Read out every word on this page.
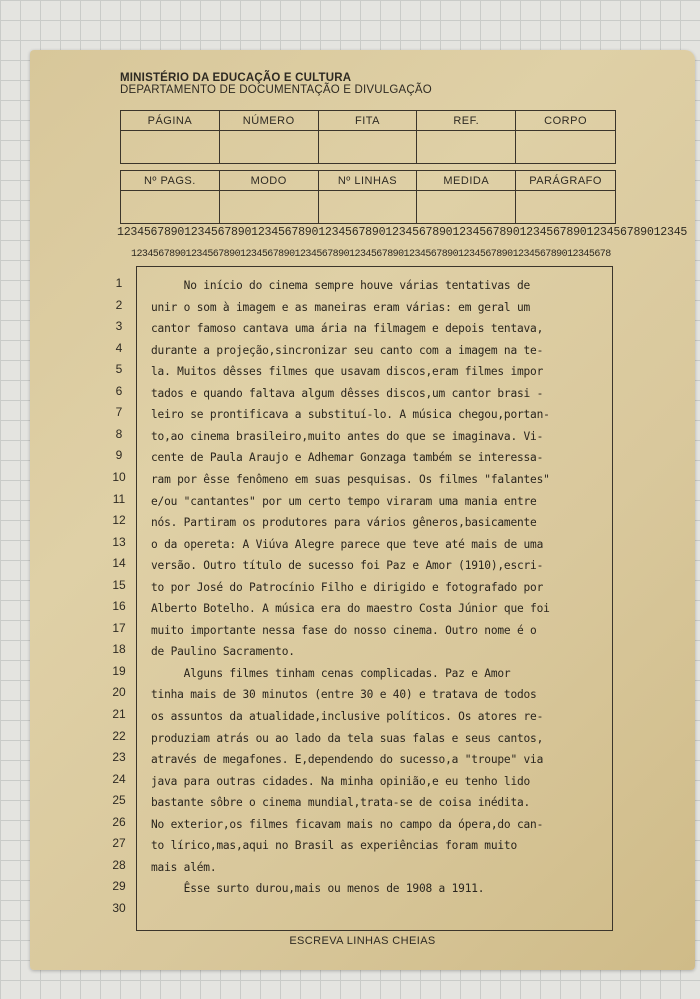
MINISTÉRIO DA EDUCAÇÃO E CULTURA
DEPARTAMENTO DE DOCUMENTAÇÃO E DIVULGAÇÃO
PÁGINA	NÚMERO	FITA	REF.	CORPO
Nº PAGS.	MODO	Nº LINHAS	MEDIDA	PARÁGRAFO
1234567890123456789012345678901234567890123456789012345678901234567890123456789012345
1234567890123456789012345678901234567890123456789012345678901234567890123456789012345678
1
2
3
4
5
6
7
8
9
10
11
12
13
14
15
16
17
18
19
20
21
22
23
24
25
26
27
28
29
30
No início do cinema sempre houve várias tentativas de
unir o som à imagem e as maneiras eram várias: em geral um
cantor famoso cantava uma ária na filmagem e depois tentava,
durante a projeção,sincronizar seu canto com a imagem na te-
la. Muitos dêsses filmes que usavam discos,eram filmes impor
tados e quando faltava algum dêsses discos,um cantor brasi -
leiro se prontificava a substituí-lo. A música chegou,portan-
to,ao cinema brasileiro,muito antes do que se imaginava. Vi-
cente de Paula Araujo e Adhemar Gonzaga também se interessa-
ram por êsse fenômeno em suas pesquisas. Os filmes "falantes"
e/ou "cantantes" por um certo tempo viraram uma mania entre
nós. Partiram os produtores para vários gêneros,basicamente
o da opereta: A Viúva Alegre parece que teve até mais de uma
versão. Outro título de sucesso foi Paz e Amor (1910),escri-
to por José do Patrocínio Filho e dirigido e fotografado por
Alberto Botelho. A música era do maestro Costa Júnior que foi
muito importante nessa fase do nosso cinema. Outro nome é o
de Paulino Sacramento.
Alguns filmes tinham cenas complicadas. Paz e Amor
tinha mais de 30 minutos (entre 30 e 40) e tratava de todos
os assuntos da atualidade,inclusive políticos. Os atores re-
produziam atrás ou ao lado da tela suas falas e seus cantos,
através de megafones. E,dependendo do sucesso,a "troupe" via
java para outras cidades. Na minha opinião,e eu tenho lido
bastante sôbre o cinema mundial,trata-se de coisa inédita.
No exterior,os filmes ficavam mais no campo da ópera,do can-
to lírico,mas,aqui no Brasil as experiências foram muito
mais além.
Êsse surto durou,mais ou menos de 1908 a 1911.
ESCREVA LINHAS CHEIAS
